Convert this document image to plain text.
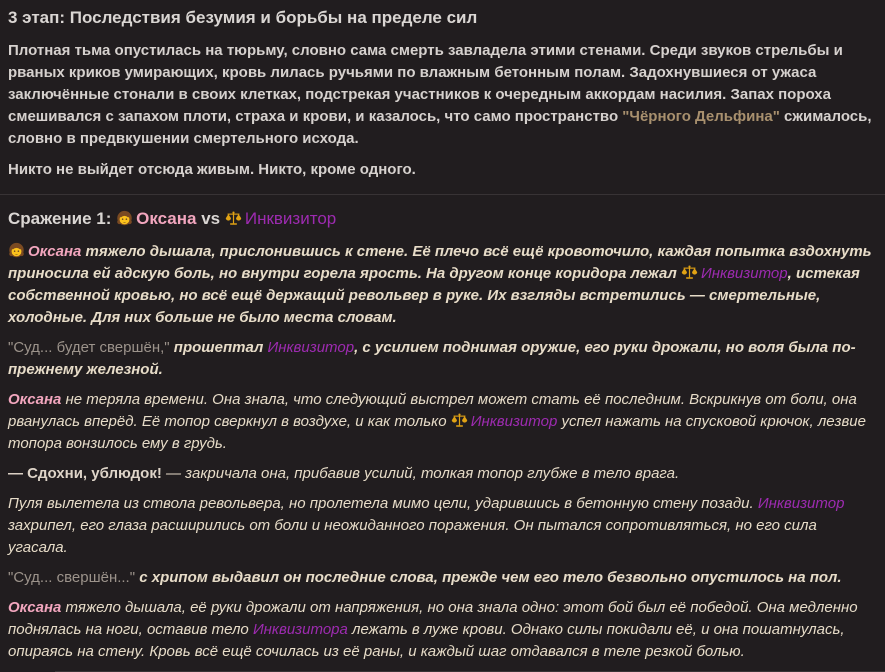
3 этап: Последствия безумия и борьбы на пределе сил

Плотная тьма опустилась на тюрьму, словно сама смерть завладела этими стенами. Среди звуков стрельбы и рваных криков умирающих, кровь лилась ручьями по влажным бетонным полам. Задохнувшиеся от ужаса заключённые стонали в своих клетках, подстрекая участников к очередным аккордам насилия. Запах пороха смешивался с запахом плоти, страха и крови, и казалось, что само пространство "Чёрного Дельфина" сжималось, словно в предвкушении смертельного исхода.

Никто не выйдет отсюда живым. Никто, кроме одного.

Сражение 1: Оксана vs Инквизитор

Оксана тяжело дышала, прислонившись к стене. Её плечо всё ещё кровоточило, каждая попытка вздохнуть приносила ей адскую боль, но внутри горела ярость. На другом конце коридора лежал Инквизитор, истекая собственной кровью, но всё ещё держащий револьвер в руке. Их взгляды встретились — смертельные, холодные. Для них больше не было места словам.

"Суд... будет свершён," прошептал Инквизитор, с усилием поднимая оружие, его руки дрожали, но воля была по-прежнему железной.

Оксана не теряла времени. Она знала, что следующий выстрел может стать её последним. Вскрикнув от боли, она рванулась вперёд. Её топор сверкнул в воздухе, и как только Инквизитор успел нажать на спусковой крючок, лезвие топора вонзилось ему в грудь.

— Сдохни, ублюдок! — закричала она, прибавив усилий, толкая топор глубже в тело врага.

Пуля вылетела из ствола револьвера, но пролетела мимо цели, ударившись в бетонную стену позади. Инквизитор захрипел, его глаза расширились от боли и неожиданного поражения. Он пытался сопротивляться, но его сила угасала.

"Суд... свершён..." с хрипом выдавил он последние слова, прежде чем его тело безвольно опустилось на пол.

Оксана тяжело дышала, её руки дрожали от напряжения, но она знала одно: этот бой был её победой. Она медленно поднялась на ноги, оставив тело Инквизитора лежать в луже крови. Однако силы покидали её, и она пошатнулась, опираясь на стену. Кровь всё ещё сочилась из её раны, и каждый шаг отдавался в теле резкой болью.
